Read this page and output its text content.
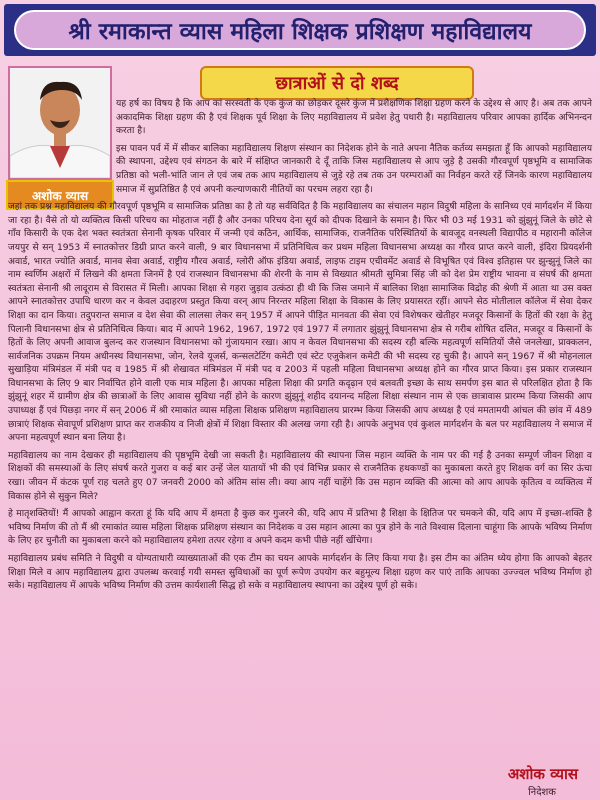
श्री रमाकान्त व्यास महिला शिक्षक प्रशिक्षण महाविद्यालय
अशोक व्यास
छात्राओं से दो शब्द

यह हर्ष का विषय है कि आप कां सरस्वती के एक कुंज का छोड़कर दूसरे कुंज में प्रशैक्षणिक शिक्षा ग्रहण करने के उद्देश्य से आए है। अब तक आपने अकादमिक शिक्षा ग्रहण की है एवं शिक्षक पूर्व शिक्षा के लिए महाविद्यालय में प्रवेश हेतु पधारी है। महाविद्यालय परिवार आपका हार्दिक अभिनन्दन करता है।

इस पावन पर्व में में सीकर बालिका महाविद्यालय शिक्षण संस्थान का निदेशक होने के नाते अपना नैतिक कर्तव्य समझता हूँ कि आपको महाविद्यालय की स्थापना, उद्देश्य एवं संगठन के बारे में संक्षिप्त जानकारी दे दूँ ताकि जिस महाविद्यालय से आप जुड़े है उसकी गौरवपूर्ण पृष्ठभूमि व सामाजिक प्रतिष्ठा को भली-भांति जान ले एवं जब तक आप महाविद्यालय से जुड़े रहे तब तक उन परम्पराओं का निर्वहन करते रहें जिनके कारण महाविद्यालय समाज में सुप्रतिष्ठित है एवं अपनी कल्याणकारी नीतियों का परचम लहरा रहा है।

जहां तक प्रश्न महाविद्यालय की गौरवपूर्ण पृष्ठभूमि व सामाजिक प्रतिष्ठा का है तो यह सर्वविदित है कि महाविद्यालय का संचालन महान विदुषी महिला के सानिध्य एवं मार्गदर्शन में किया जा रहा है। वैसे तो यो व्यक्तित्व किसी परिचय का मोहताज नहीं है और उनका परिचय देना सूर्य को दीपक दिखाने के समान है। फिर भी 03 मई 1931 को झुंझुनूं जिले के छोटे से गाँव किसारी के एक देश भक्त स्वतंत्रता सेनानी कृषक परिवार में जन्मी एवं कठिन, आर्थिक, सामाजिक, राजनैतिक परिस्थितियों के बावजूद वनस्थली विद्यापीठ व महारानी कॉलेज जयपुर से सन् 1953 में स्नातकोत्तर डिग्री प्राप्त करने वाली, 9 बार विधानसभा में प्रतिनिधित्व कर प्रथम महिला विधानसभा अध्यक्ष का गौरव प्राप्त करने वाली, इंदिरा प्रियदर्शनी अवार्ड, भारत ज्योति अवार्ड, मानव सेवा अवार्ड, राष्ट्रीय गौरव अवार्ड, ग्लोरी ऑफ इंडिया अवार्ड, लाइफ टाइम एचीवमेंट अवार्ड से विभूषित एवं विश्व इतिहास पर झुन्झुनूं जिले का नाम स्वर्णिम अक्षरों में लिखने की क्षमता जिनमें है एवं राजस्थान विधानसभा की शेरनी के नाम से विख्यात श्रीमती सुमित्रा सिंह जी को देश प्रेम राष्ट्रीय भावना व संघर्ष की क्षमता स्वतंत्रता सेनानी श्री लादूराम से विरासत में मिली। आपका शिक्षा से गहरा जुड़ाव उत्कंठा ही थी कि जिस जमाने में बालिका शिक्षा सामाजिक विद्रोह की श्रेणी में आता था उस वक्त आपने स्नातकोत्तर उपाधि धारण कर न केवल उदाहरण प्रस्तुत किया वरन् आप निरन्तर महिला शिक्षा के विकास के लिए प्रयासरत रहीं। आपने सेठ मोतीलाल कॉलेज में सेवा देकर शिक्षा का दान किया। तदुपरान्त समाज व देश सेवा की लालसा लेकर सन् 1957 में आपने पीड़ित मानवता की सेवा एवं विशेषकर खेतीहर मजदूर किसानों के हितों की रक्षा के हेतु पिलानी विधानसभा क्षेत्र से प्रतिनिधित्व किया। बाद में आपने 1962, 1967, 1972 एवं 1977 में लगातार झुंझुनूं विधानसभा क्षेत्र से गरीब शोषित दलित, मजदूर व किसानों के हितों के लिए अपनी आवाज बुलन्द कर राजस्थान विधानसभा को गुंजायमान रखा। आप न केवल विधानसभा की सदस्य रही बल्कि महत्वपूर्ण समितियों जैसे जनलेखा, प्राक्कलन, सार्वजनिक उपक्रम नियम अधीनस्थ विधानसभा, जोन, रेलवे यूजर्स, कन्सलटेटिंग कमेटी एवं स्टेट एजुकेशन कमेटी की भी सदस्य रह चुकी है। आपने सन् 1967 में श्री मोहनलाल सुखाड़िया मंत्रिमंडल में मंत्री पद व 1985 में श्री शेखावत मंत्रिमंडल में मंत्री पद व 2003 में पहली महिला विधानसभा अध्यक्ष होने का गौरव प्राप्त किया। इस प्रकार राजस्थान विधानसभा के लिए 9 बार निर्वाचित होने वाली एक मात्र महिला है। आपका महिला शिक्षा की प्रगति कदृढ़ान एवं बलवती इच्छा के साथ समर्पण इस बात से परिलक्षित होता है कि झुंझुनूं शहर में ग्रामीण क्षेत्र की छात्राओं के लिए आवास सुविधा नहीं होने के कारण झुंझुनूं शहीद दयानन्द महिला शिक्षा संस्थान नाम से एक छात्रावास प्रारम्भ किया जिसकी आप उपाध्यक्ष हैं एवं पिछड़ा नगर में सन् 2006 में श्री रमाकांत व्यास महिला शिक्षक प्रशिक्षण महाविद्यालय प्रारम्भ किया जिसकी आप अध्यक्ष है एवं ममतामयी आंचल की छांव में 489 छात्राएं शिक्षक सेवापूर्ण प्रशिक्षण प्राप्त कर राजकीय व निजी क्षेत्रों में शिक्षा विस्तार की अलख जगा रही है। आपके अनुभव एवं कुशल मार्गदर्शन के बल पर महाविद्यालय ने समाज में अपना महत्वपूर्ण स्थान बना लिया है।

महाविद्यालय का नाम देखकर ही महाविद्यालय की पृष्ठभूमि देखी जा सकती है। महाविद्यालय की स्थापना जिस महान व्यक्ति के नाम पर की गई है उनका सम्पूर्ण जीवन शिक्षा व शिक्षकों की समस्याओं के लिए संघर्ष करते गुजरा व कई बार उन्हें जेल यातायों भी की एवं विभिन्न प्रकार से राजनैतिक हथकण्डों का मुकाबला करते हुए शिक्षक वर्ग का सिर ऊंचा रखा। जीवन में कंटक पूर्ण राह चलते हुए 07 जनवरी 2000 को अंतिम सांस ली। क्या आप नहीं चाहेंगे कि उस महान व्यक्ति की आत्मा को आप आपके कृतित्व व व्यक्तित्व में विकास होने से सुकुन मिले?

हे मातृशक्तियों! मैं आपको आह्वान करता हूं कि यदि आप में क्षमता है कुछ कर गुजरने की, यदि आप में प्रतिभा है शिक्षा के क्षितिज पर चमकने की, यदि आप में इच्छा-शक्ति है भविष्य निर्माण की तो मैं श्री रमाकांत व्यास महिला शिक्षक प्रशिक्षण संस्थान का निदेशक व उस महान आत्मा का पुत्र होने के नाते विश्वास दिलाना चाहूंगा कि आपके भविष्य निर्माण के लिए हर चुनौती का मुकाबला करने को महाविद्यालय हमेशा तत्पर रहेगा व अपने कदम कभी पीछे नहीं खींचेगा।

महाविद्यालय प्रबंध समिति ने विदुषी व योग्यताधारी व्याख्याताओं की एक टीम का चयन आपके मार्गदर्शन के लिए किया गया है। इस टीम का अंतिम ध्येय होगा कि आपको बेहतर शिक्षा मिले व आप महाविद्यालय द्वारा उपलब्ध करवाई गयी समस्त सुविधाओं का पूर्ण रूपेण उपयोग कर बहुमूल्य शिक्षा ग्रहण कर पाएं ताकि आपका उज्ज्वल भविष्य निर्माण हो सके। महाविद्यालय में आपके भविष्य निर्माण की उत्तम कार्यशाली सिद्ध हो सके व महाविद्यालय स्थापना का उद्देश्य पूर्ण हो सके।

अशोक व्यास
निदेशक
